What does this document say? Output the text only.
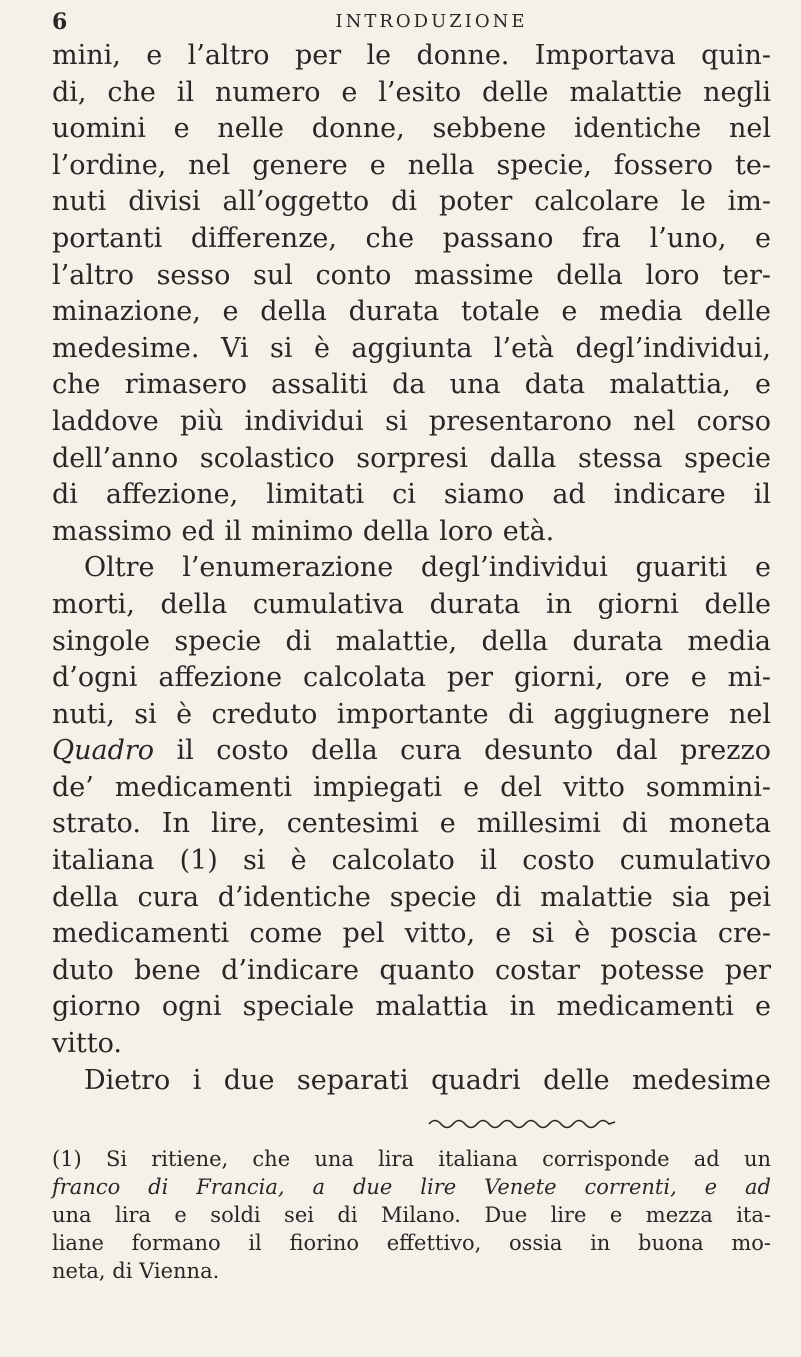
6	INTRODUZIONE
mini, e l’altro per le donne. Importava quin-
di, che il numero e l’esito delle malattie negli
uomini e nelle donne, sebbene identiche nel
l’ordine, nel genere e nella specie, fossero te-
nuti divisi all’oggetto di poter calcolare le im-
portanti differenze, che passano fra l’uno, e
l’altro sesso sul conto massime della loro ter-
minazione, e della durata totale e media delle
medesime. Vi si è aggiunta l’età degl’individui,
che rimasero assaliti da una data malattia, e
laddove più individui si presentarono nel corso
dell’anno scolastico sorpresi dalla stessa specie
di affezione, limitati ci siamo ad indicare il
massimo ed il minimo della loro età.
Oltre l’enumerazione degl’individui guariti e
morti, della cumulativa durata in giorni delle
singole specie di malattie, della durata media
d’ogni affezione calcolata per giorni, ore e mi-
nuti, si è creduto importante di aggiugnere nel
Quadro il costo della cura desunto dal prezzo
de’ medicamenti impiegati e del vitto sommini-
strato. In lire, centesimi e millesimi di moneta
italiana (1) si è calcolato il costo cumulativo
della cura d’identiche specie di malattie sia pei
medicamenti come pel vitto, e si è poscia cre-
duto bene d’indicare quanto costar potesse per
giorno ogni speciale malattia in medicamenti e
vitto.
Dietro i due separati quadri delle medesime
(1) Si ritiene, che una lira italiana corrisponde ad un
franco di Francia, a due lire Venete correnti, e ad
una lira e soldi sei di Milano. Due lire e mezza ita-
liane formano il fiorino effettivo, ossia in buona mo-
neta, di Vienna.
